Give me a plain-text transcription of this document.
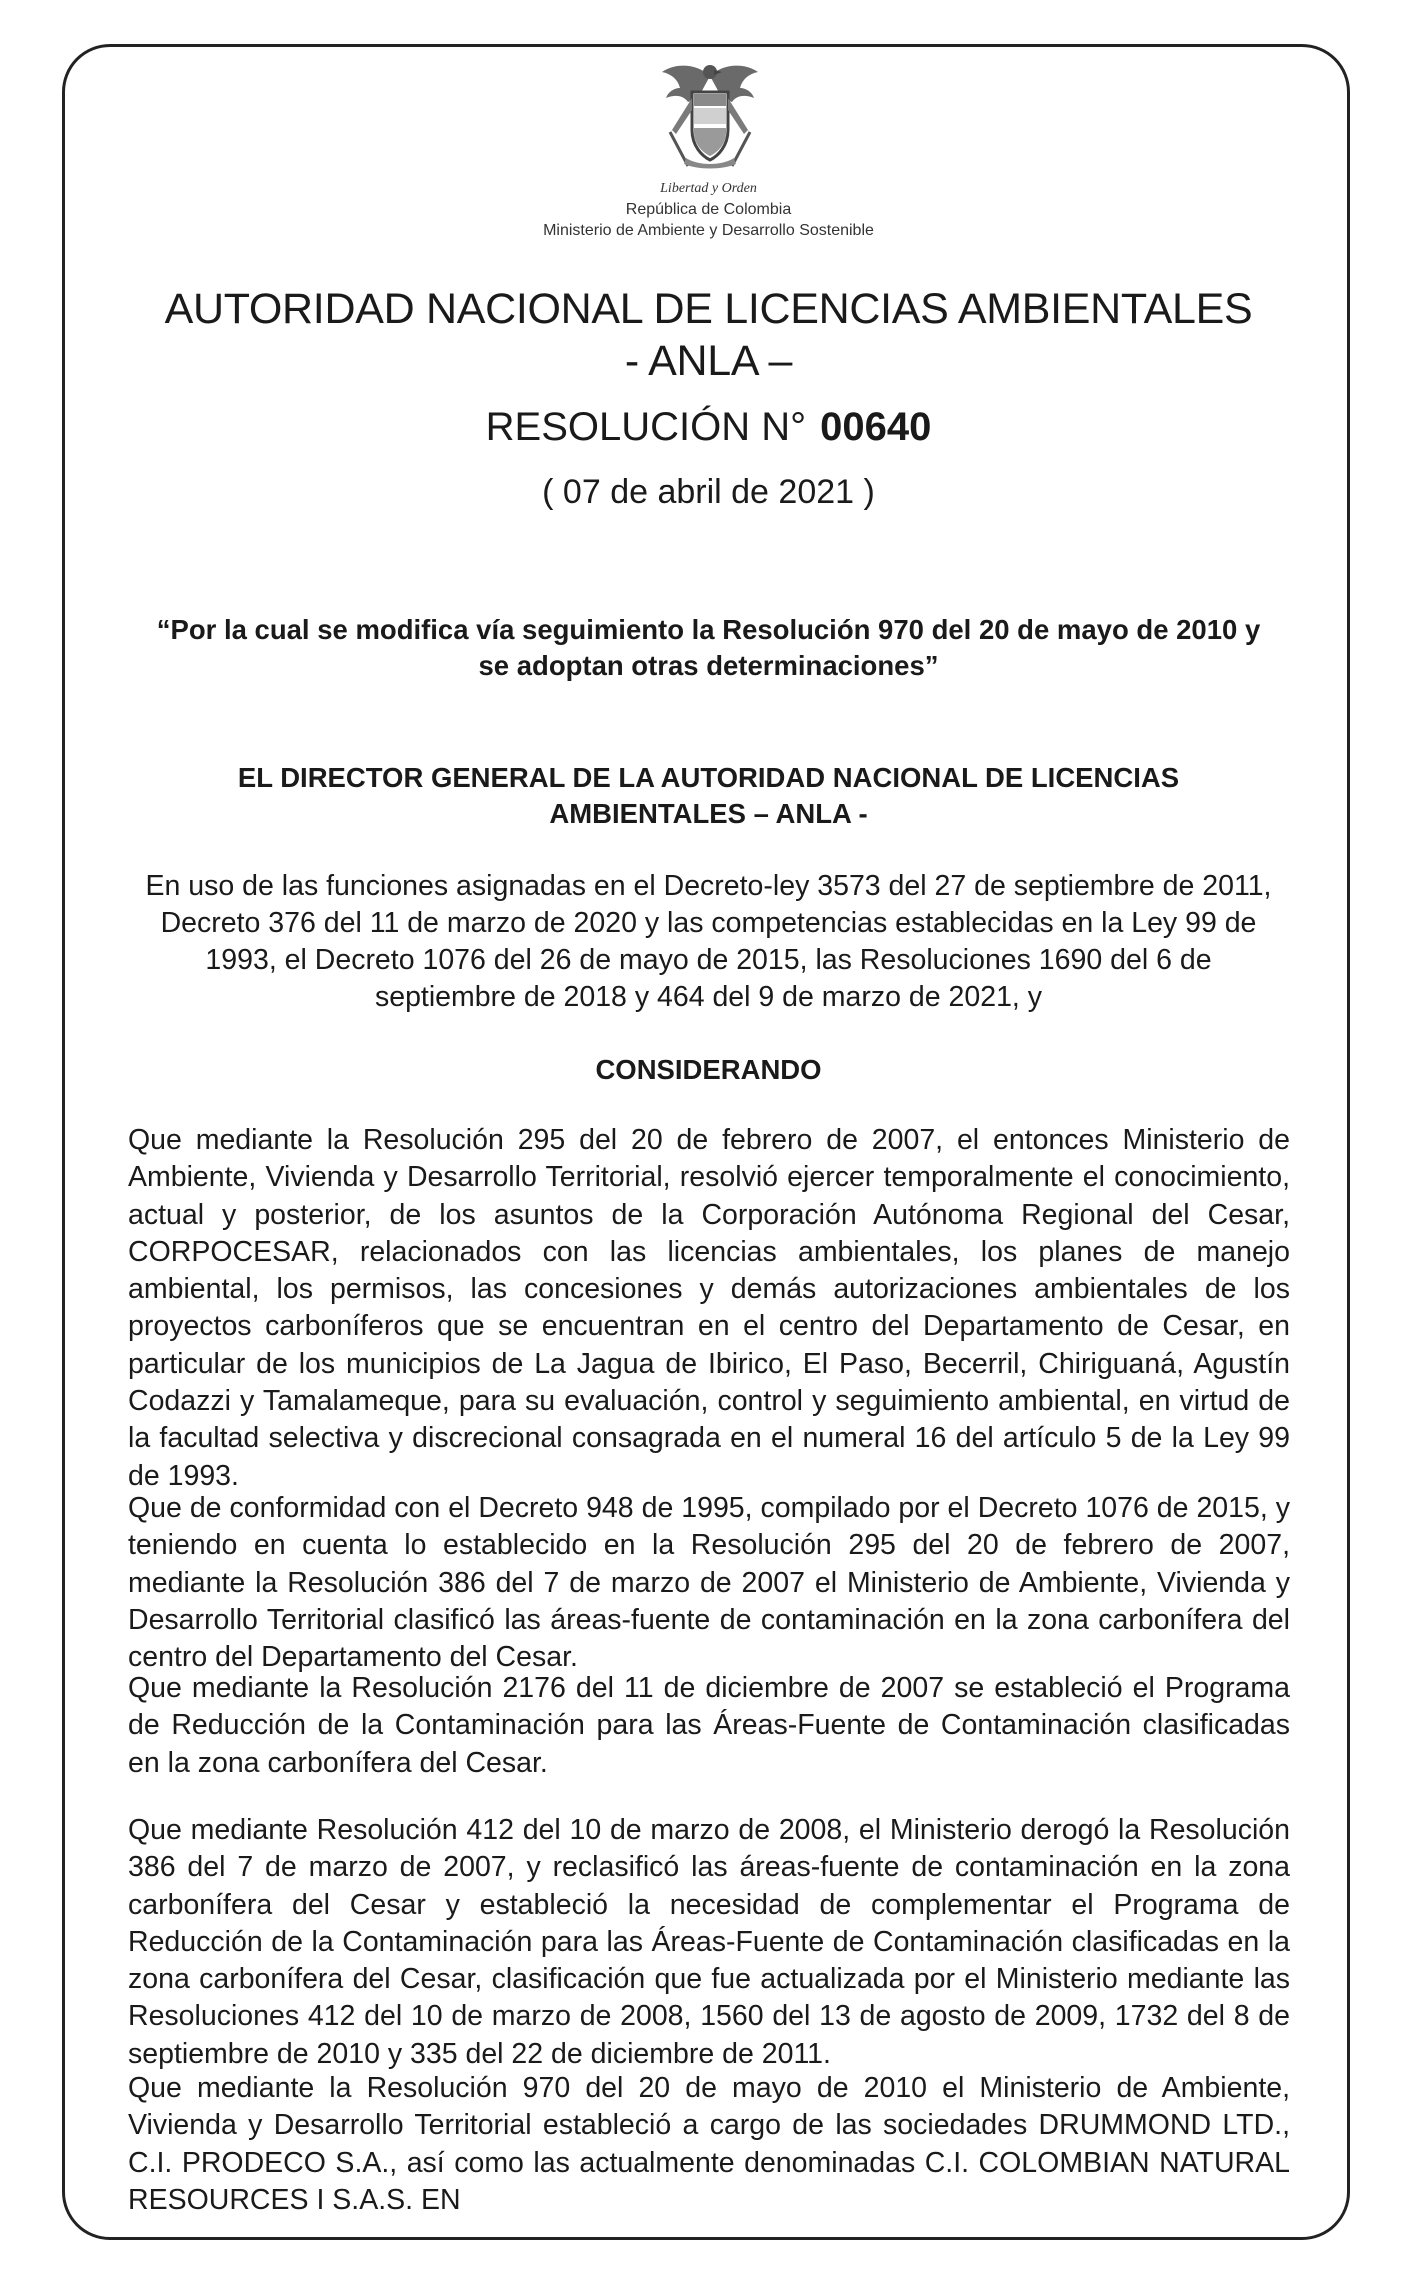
Libertad y Orden
República de Colombia
Ministerio de Ambiente y Desarrollo Sostenible
AUTORIDAD NACIONAL DE LICENCIAS AMBIENTALES
- ANLA –
RESOLUCIÓN N° 00640
( 07 de abril de 2021 )
“Por la cual se modifica vía seguimiento la Resolución 970 del 20 de mayo de 2010 y se adoptan otras determinaciones”
EL DIRECTOR GENERAL DE LA AUTORIDAD NACIONAL DE LICENCIAS AMBIENTALES – ANLA -
En uso de las funciones asignadas en el Decreto-ley 3573 del 27 de septiembre de 2011, Decreto 376 del 11 de marzo de 2020 y las competencias establecidas en la Ley 99 de 1993, el Decreto 1076 del 26 de mayo de 2015, las Resoluciones 1690 del 6 de septiembre de 2018 y 464 del 9 de marzo de 2021, y
CONSIDERANDO

Que mediante la Resolución 295 del 20 de febrero de 2007, el entonces Ministerio de Ambiente, Vivienda y Desarrollo Territorial, resolvió ejercer temporalmente el conocimiento, actual y posterior, de los asuntos de la Corporación Autónoma Regional del Cesar, CORPOCESAR, relacionados con las licencias ambientales, los planes de manejo ambiental, los permisos, las concesiones y demás autorizaciones ambientales de los proyectos carboníferos que se encuentran en el centro del Departamento de Cesar, en particular de los municipios de La Jagua de Ibirico, El Paso, Becerril, Chiriguaná, Agustín Codazzi y Tamalameque, para su evaluación, control y seguimiento ambiental, en virtud de la facultad selectiva y discrecional consagrada en el numeral 16 del artículo 5 de la Ley 99 de 1993.

Que de conformidad con el Decreto 948 de 1995, compilado por el Decreto 1076 de 2015, y teniendo en cuenta lo establecido en la Resolución 295 del 20 de febrero de 2007, mediante la Resolución 386 del 7 de marzo de 2007 el Ministerio de Ambiente, Vivienda y Desarrollo Territorial clasificó las áreas-fuente de contaminación en la zona carbonífera del centro del Departamento del Cesar.

Que mediante la Resolución 2176 del 11 de diciembre de 2007 se estableció el Programa de Reducción de la Contaminación para las Áreas-Fuente de Contaminación clasificadas en la zona carbonífera del Cesar.

Que mediante Resolución 412 del 10 de marzo de 2008, el Ministerio derogó la Resolución 386 del 7 de marzo de 2007, y reclasificó las áreas-fuente de contaminación en la zona carbonífera del Cesar y estableció la necesidad de complementar el Programa de Reducción de la Contaminación para las Áreas-Fuente de Contaminación clasificadas en la zona carbonífera del Cesar, clasificación que fue actualizada por el Ministerio mediante las Resoluciones 412 del 10 de marzo de 2008, 1560 del 13 de agosto de 2009, 1732 del 8 de septiembre de 2010 y 335 del 22 de diciembre de 2011.

Que mediante la Resolución 970 del 20 de mayo de 2010 el Ministerio de Ambiente, Vivienda y Desarrollo Territorial estableció a cargo de las sociedades DRUMMOND LTD., C.I. PRODECO S.A., así como las actualmente denominadas C.I. COLOMBIAN NATURAL RESOURCES I S.A.S. EN
